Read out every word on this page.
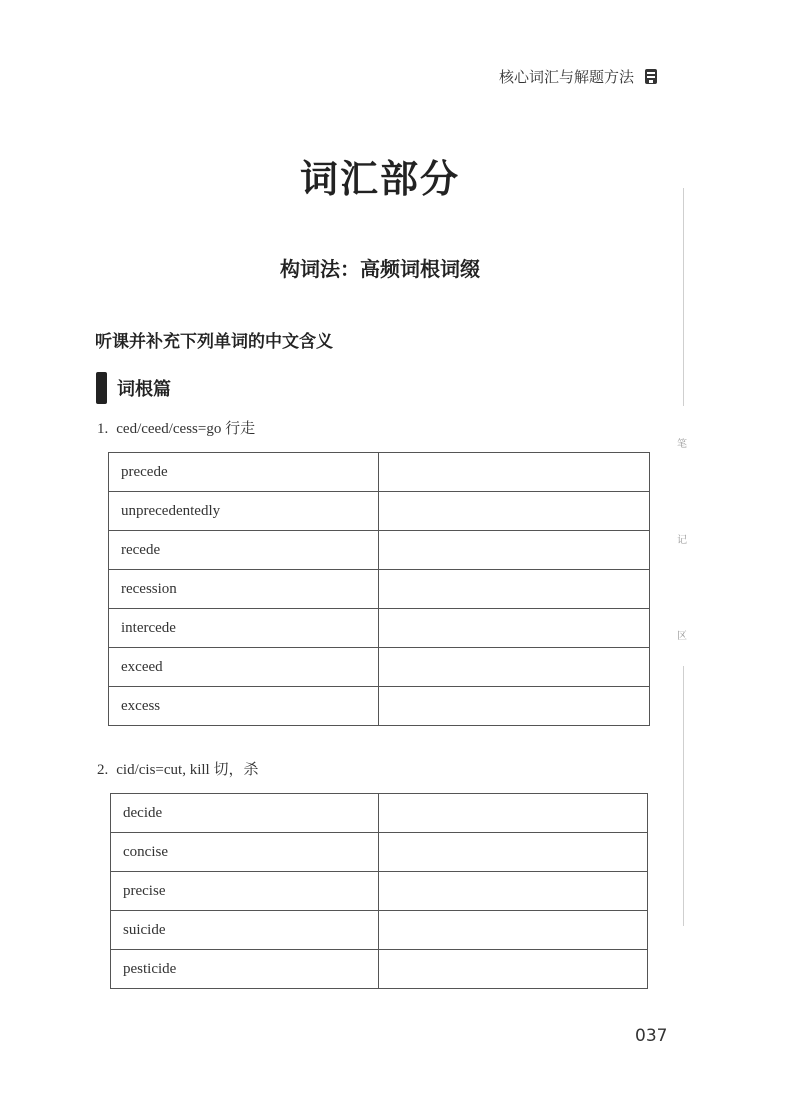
核心词汇与解题方法
词汇部分
构词法：高频词根词缀
听课并补充下列单词的中文含义
词根篇
1. ced/ceed/cess=go 行走
precede	
unprecedentedly	
recede	
recession	
intercede	
exceed	
excess	
2. cid/cis=cut, kill 切，杀
decide	
concise	
precise	
suicide	
pesticide	
笔
记
区
037
